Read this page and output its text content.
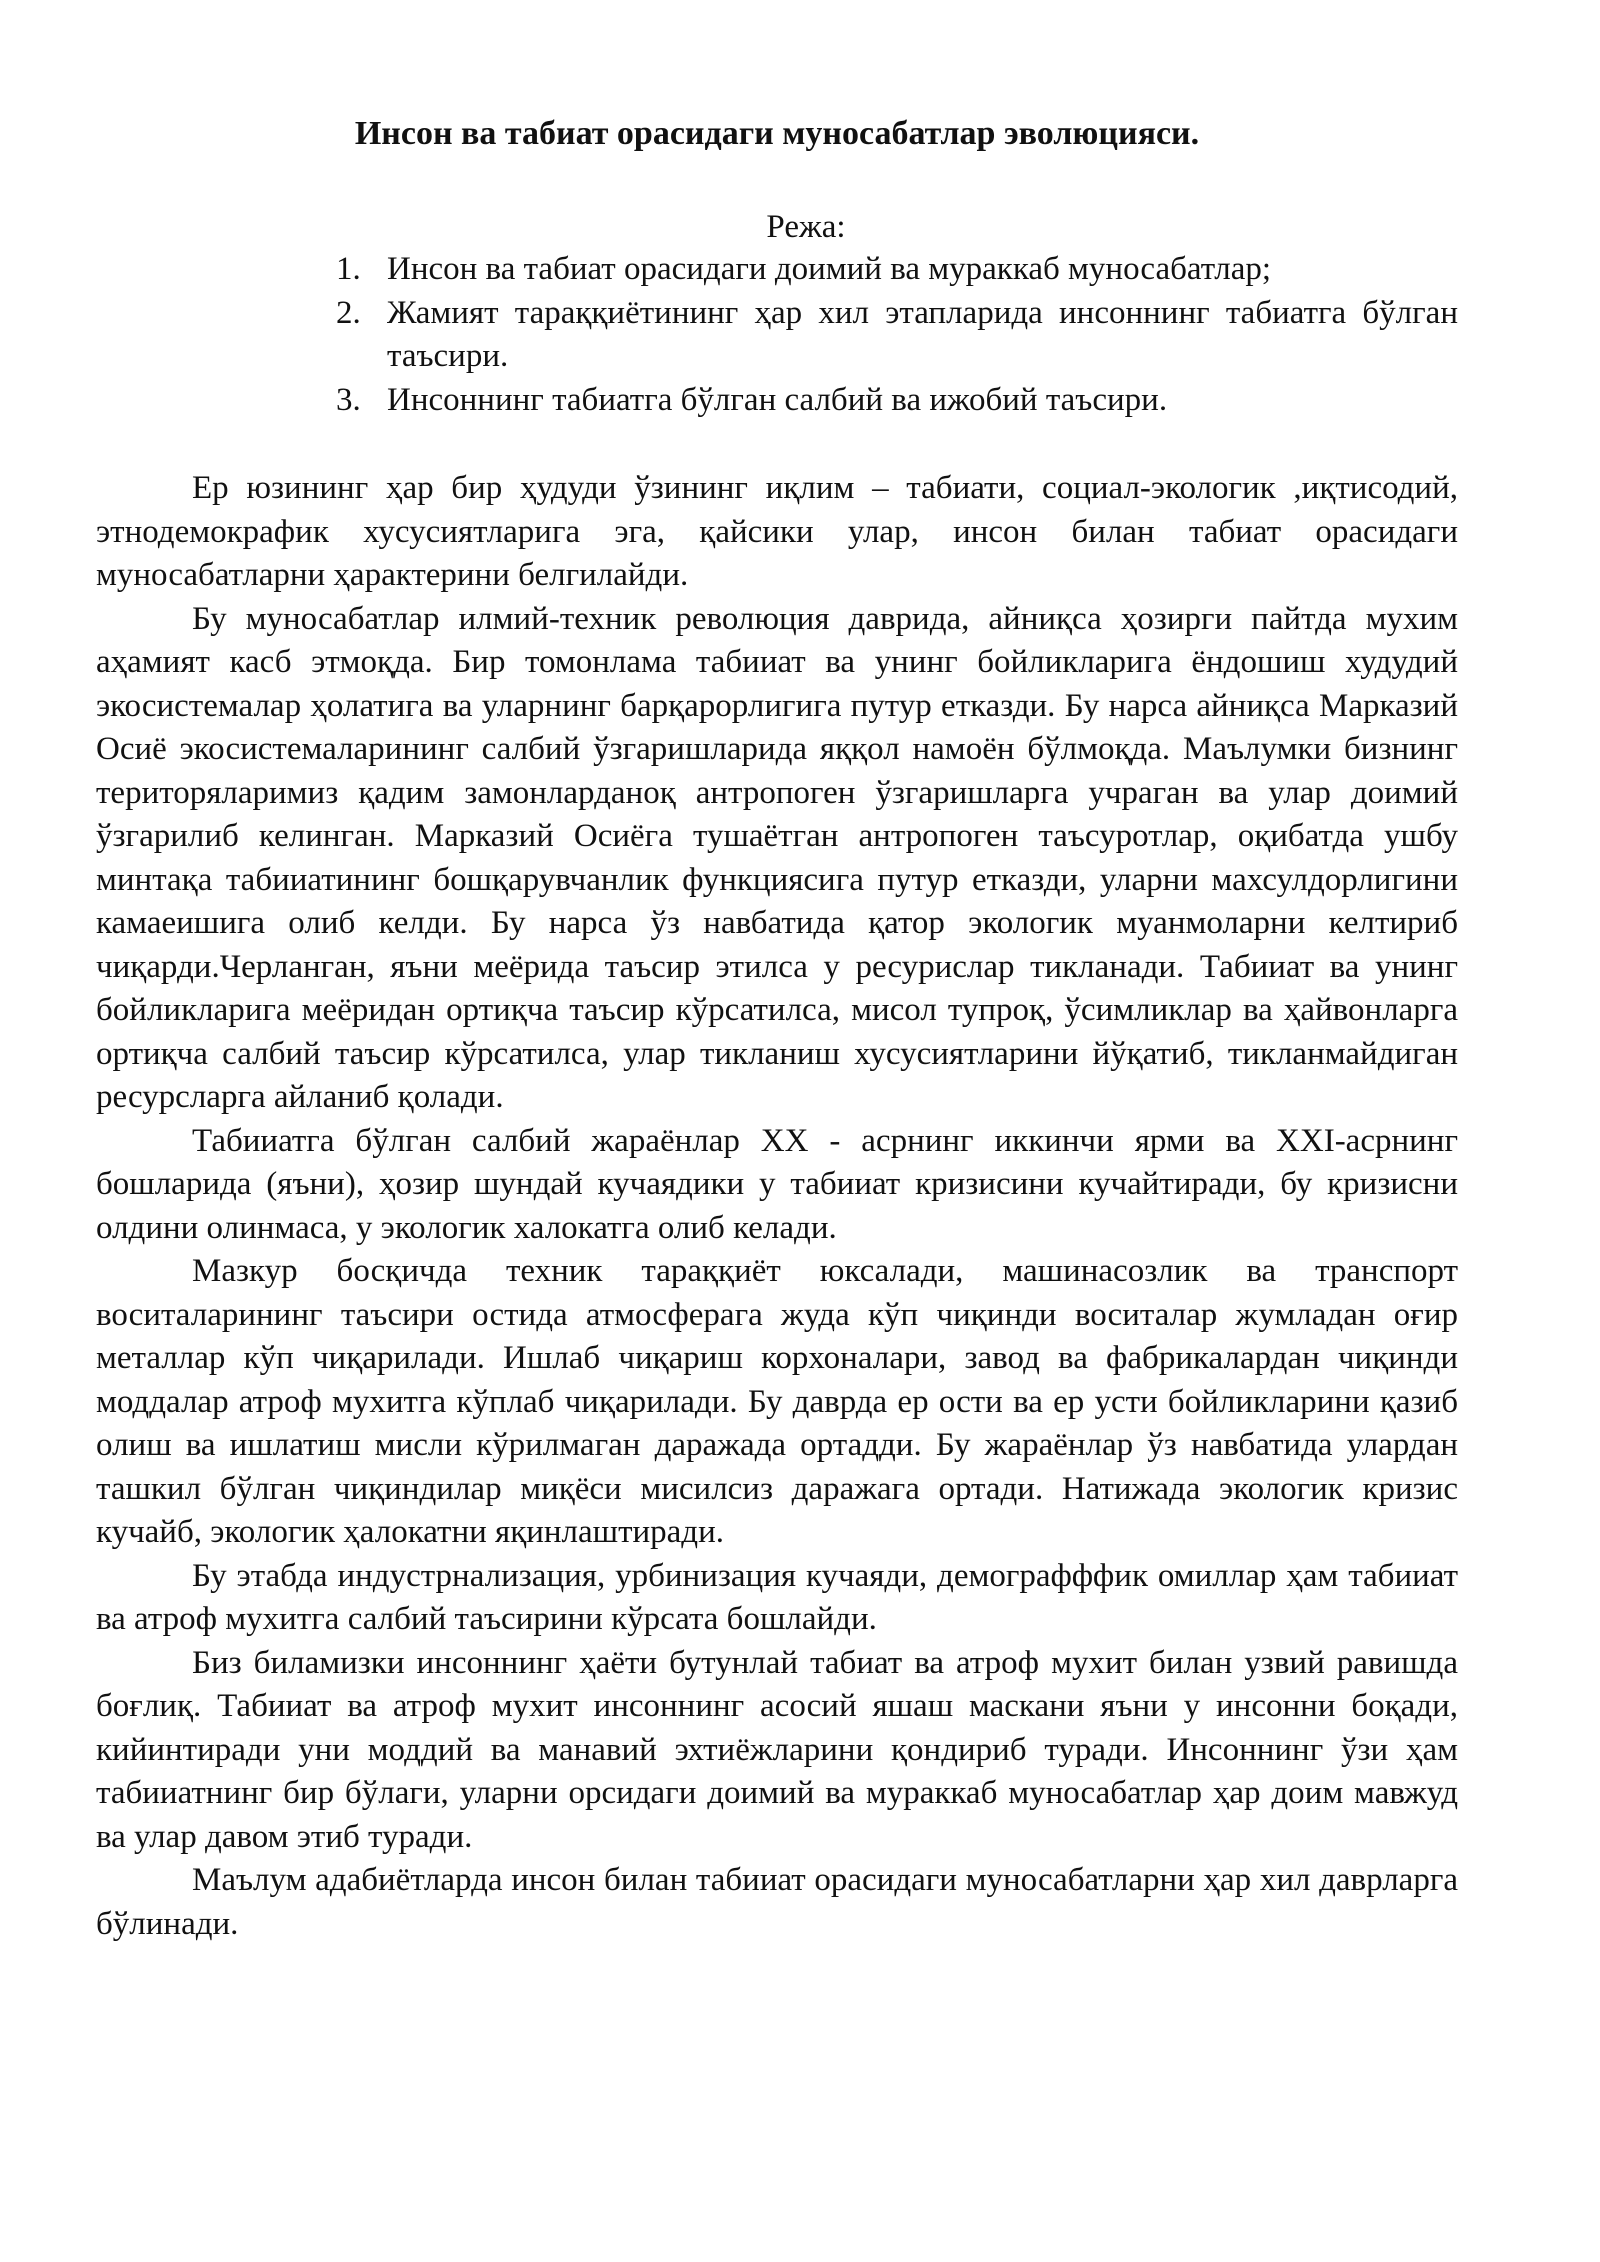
Инсон ва табиат орасидаги муносабатлар эволюцияси.

Режа:

1. Инсон ва табиат орасидаги доимий ва мураккаб муносабатлар;
2. Жамият тараққиётининг ҳар хил этапларида инсоннинг табиатга бўлган таъсири.
3. Инсоннинг табиатга бўлган салбий ва ижобий таъсири.

Ер юзининг ҳар бир ҳудуди ўзининг иқлим – табиати, социал-экологик ,иқтисодий, этнодемокрафик хусусиятларига эга, қайсики улар, инсон билан табиат орасидаги муносабатларни ҳарактерини белгилайди.

Бу муносабатлар илмий-техник революция даврида, айниқса ҳозирги пайтда мухим аҳамият касб этмоқда. Бир томонлама табииат ва унинг бойликларига ёндошиш худудий экосистемалар ҳолатига ва уларнинг барқарорлигига путур етказди. Бу нарса айниқса Марказий Осиё экосистемаларининг салбий ўзгаришларида яққол намоён бўлмоқда. Маълумки бизнинг територяларимиз қадим замонларданоқ антропоген ўзгаришларга учраган ва улар доимий ўзгарилиб келинган. Марказий Осиёга тушаётган антропоген таъсуротлар, оқибатда ушбу минтақа табииатининг бошқарувчанлик функциясига путур етказди, уларни махсулдорлигини камаеишига олиб келди. Бу нарса ўз навбатида қатор экологик муанмоларни келтириб чиқарди.Черланган, яъни меёрида таъсир этилса у ресурислар тикланади. Табииат ва унинг бойликларига меёридан ортиқча таъсир кўрсатилса, мисол тупроқ, ўсимликлар ва ҳайвонларга ортиқча салбий таъсир кўрсатилса, улар тикланиш хусусиятларини йўқатиб, тикланмайдиган ресурсларга айланиб қолади.

Табииатга бўлган салбий жараёнлар XX - асрнинг иккинчи ярми ва XXI-асрнинг бошларида (яъни), ҳозир шундай кучаядики у табииат кризисини кучайтиради, бу кризисни олдини олинмаса, у экологик халокатга олиб келади.

Мазкур босқичда техник тараққиёт юксалади, машинасозлик ва транспорт воситаларининг таъсири остида атмосферага жуда кўп чиқинди воситалар жумладан оғир металлар кўп чиқарилади. Ишлаб чиқариш корхоналари, завод ва фабрикалардан чиқинди моддалар атроф мухитга кўплаб чиқарилади. Бу даврда ер ости ва ер усти бойликларини қазиб олиш ва ишлатиш мисли кўрилмаган даражада ортадди. Бу жараёнлар ўз навбатида улардан ташкил бўлган чиқиндилар миқёси мисилсиз даражага ортади. Натижада экологик кризис кучайб, экологик ҳалокатни яқинлаштиради.

Бу этабда индустрнализация, урбинизация кучаяди, демографффик омиллар ҳам табииат ва атроф мухитга салбий таъсирини кўрсата бошлайди.

Биз биламизки инсоннинг ҳаёти бутунлай табиат ва атроф мухит билан узвий равишда боғлиқ. Табииат ва атроф мухит инсоннинг асосий яшаш маскани яъни у инсонни боқади, кийинтиради уни моддий ва манавий эхтиёжларини қондириб туради. Инсоннинг ўзи ҳам табииатнинг бир бўлаги, уларни орсидаги доимий ва мураккаб муносабатлар ҳар доим мавжуд ва улар давом этиб туради.

Маълум адабиётларда инсон билан табииат орасидаги муносабатларни ҳар хил даврларга бўлинади.
